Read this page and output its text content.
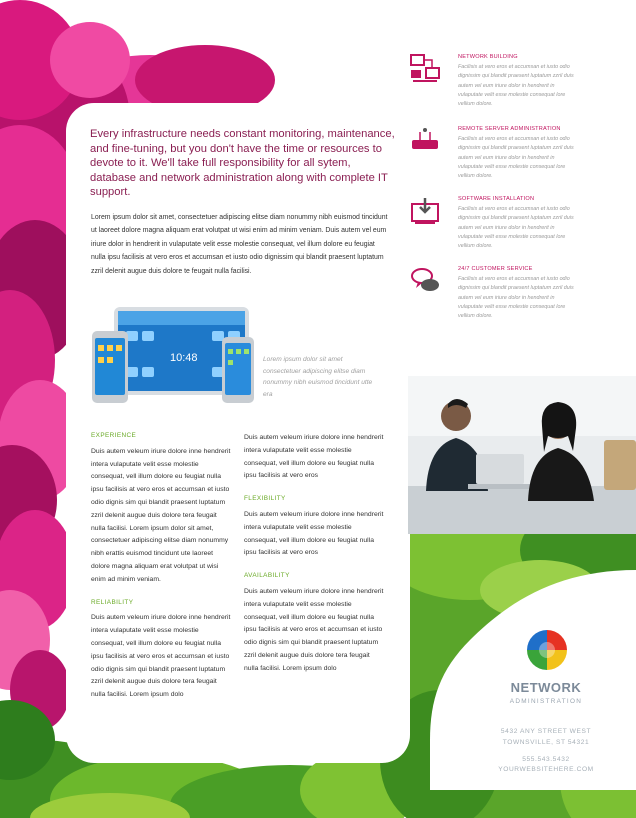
Every infrastructure needs constant monitoring, maintenance, and fine-tuning, but you don't have the time or resources to devote to it. We'll take full responsibility for all sytem, database and network administration along with complete IT support.
Lorem ipsum dolor sit amet, consectetuer adipiscing elitse diam nonummy nibh euismod tincidunt ut laoreet dolore magna aliquam erat volutpat ut wisi enim ad minim veniam. Duis autem vel eum iriure dolor in hendrerit in vulaputate velit esse molestie consequat, vel illum dolore eu feugiat nulla ipsu facilisis at vero eros et accumsan et iusto odio dignissim qui blandit praesent luptatum zzril delenit augue duis dolore te feugait nulla facilisi.
10:48	Lorem ipsum dolor sit amet consectetuer adipiscing elitse diam nonummy nibh euismod tincidunt utte era
EXPERIENCE

Duis autem veleum iriure dolore inne hendrerit intera vulaputate velit esse molestie consequat, vell illum dolore eu feugiat nulla ipsu facilisis at vero eros et accumsan et iusto odio dignis sim qui blandit praesent luptatum zzril delenit augue duis dolore tera feugait nulla facilisi. Lorem ipsum dolor sit amet, consectetuer adipiscing elitse diam nonummy nibh erattis euismod tincidunt ute laoreet dolore magna aliquam erat volutpat ut wisi enim ad minim veniam.

RELIABILITY

Duis autem veleum iriure dolore inne hendrerit intera vulaputate velit esse molestie consequat, vell illum dolore eu feugiat nulla ipsu facilisis at vero eros et accumsan et iusto odio dignis sim qui blandit praesent luptatum zzril delenit augue duis dolore tera feugait nulla facilisi. Lorem ipsum dolo

Duis autem veleum iriure dolore inne hendrerit intera vulaputate velit esse molestie consequat, vell illum dolore eu feugiat nulla ipsu facilisis at vero eros

FLEXIBILITY

Duis autem veleum iriure dolore inne hendrerit intera vulaputate velit esse molestie consequat, vell illum dolore eu feugiat nulla ipsu facilisis at vero eros

AVAILABILITY

Duis autem veleum iriure dolore inne hendrerit intera vulaputate velit esse molestie consequat, vell illum dolore eu feugiat nulla ipsu facilisis at vero eros et accumsan et iusto odio dignis sim qui blandit praesent luptatum zzril delenit augue duis dolore tera feugait nulla facilisi. Lorem ipsum dolo

NETWORK BUILDING
Facilisis at vero eros et accumsan et iusto odio dignissim qui blandit praesent luptatum zzril duis autem vel eum iriure dolor in hendrerit in vulaputate velit esse molestie consequat lore vellium dolore.
REMOTE SERVER ADMINISTRATION
Facilisis at vero eros et accumsan et iusto odio dignissim qui blandit praesent luptatum zzril duis autem vel eum iriure dolor in hendrerit in vulaputate velit esse molestie consequat lore vellium dolore.
SOFTWARE INSTALLATION
Facilisis at vero eros et accumsan et iusto odio dignissim qui blandit praesent luptatum zzril duis autem vel eum iriure dolor in hendrerit in vulaputate velit esse molestie consequat lore vellium dolore.
24/7 CUSTOMER SERVICE
Facilisis at vero eros et accumsan et iusto odio dignissim qui blandit praesent luptatum zzril duis autem vel eum iriure dolor in hendrerit in vulaputate velit esse molestie consequat lore vellium dolore.
NETWORK
ADMINISTRATION
5432 ANY STREET WEST
TOWNSVILLE, ST 54321
555.543.5432
YOURWEBSITEHERE.COM
